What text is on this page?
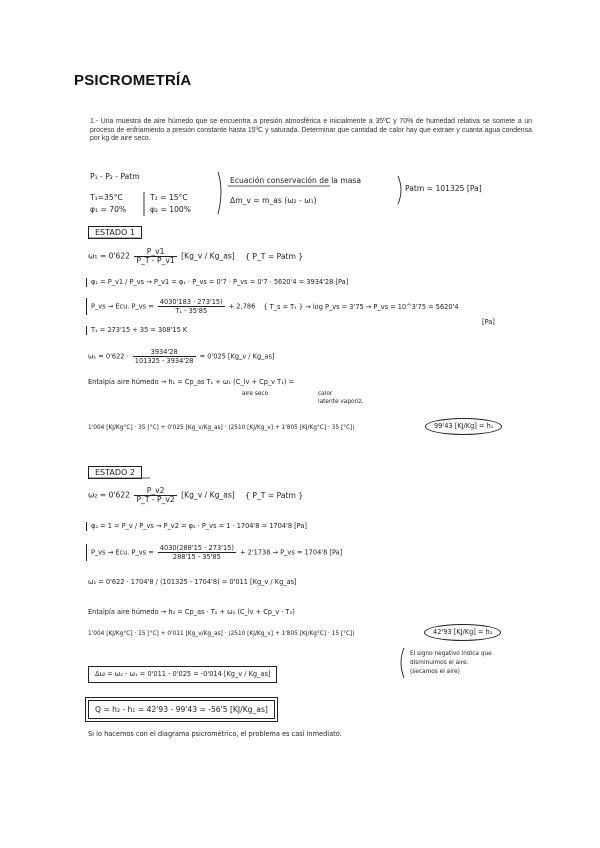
PSICROMETRÍA

1.- Una muestra de aire húmedo que se encuentra a presión atmosférica e inicialmente a 35ºC y 70% de humedad relativa se somete a un proceso de enfriamiento a presión constante hasta 15ºC y saturada. Determinar que cantidad de calor hay que extraer y cuanta agua condensa por kg de aire seco.

P₁ - P₂ - Patm
T₁=35°C
φ₁ = 70%
T₂ = 15°C
φ₂ = 100%
Ecuación conservación de la masa
Δm_v = m_as (ω₂ - ω₁)
Patm = 101325 [Pa]
ESTADO 1
$\omega_1 = 0'622 \frac{P\_v1}{P\_T - P\_v1}$ [Kg_v / Kg_as] { P_T = Patm }
φ₁ = P_v1 / P_vs → P_v1 = φ₁ · P_vs = 0'7 · P_vs = 0'7 · 5620'4 = 3934'28 [Pa]
P_vs → Ecu. P_vs = $\frac{4030'183 \cdot 273'15)}{\text{T₁ - 35'85}} + 2,786$ { T_s = T₁ } → log P_vs = 3'75 → P_vs = 10^3'75 = 5620'4
[Pa]
T₁ = 273'15 + 35 = 308'15 K
$\omega_1 = 0'622 \cdot \frac{3934'28}{101325 - 3934'28} = 0'025$ [Kg_v / Kg_as]
Entalpía aire húmedo → h₁ = Cp_as T₁ + ω₁ (C_lv + Cp_v T₁) =
aire seco	calor
latente vaporiz.
1'004 [KJ/Kg°C] · 35 [°C] + 0'025 [Kg_v/Kg_as] · (2510 [KJ/Kg_v] + 1'805 [KJ/Kg°C] · 35 [°C])	99'43 [KJ/Kg] = h₁
ESTADO 2
$\omega_2 = 0'622 \frac{P\_v2}{P\_T - P\_v2}$ [Kg_v / Kg_as] { P_T = Patm }
φ₂ = 1 = P_v / P_vs → P_v2 = φ₂ · P_vs = 1 · 1704'8 = 1704'8 [Pa]
P_vs → Ecu. P_vs = $\frac{4030(288'15 - 273'15)}{288'15 - 35'85} + 2'1738$ → P_vs = 1704'8 [Pa]
ω₂ = 0'622 · 1704'8 / (101325 - 1704'8) = 0'011 [Kg_v / Kg_as]
Entalpía aire húmedo → h₂ = Cp_as · T₂ + ω₂ (C_lv + Cp_v · T₂)
1'004 [KJ/Kg°C] · 15 [°C] + 0'011 [Kg_v/Kg_as] · (2510 [KJ/Kg_v] + 1'805 [KJ/Kg°C] · 15 [°C])	42'93 [KJ/Kg] = h₂
Δω = ω₂ - ω₁ = 0'011 - 0'025 = -0'014 [Kg_v / Kg_as]
El signo negativo indica que
disminuimos el aire.
(secamos el aire)
Q = h₂ - h₁ = 42'93 - 99'43 = -56'5 [KJ/Kg_as]
Si lo hacemos con el diagrama psicrométrico, el problema es casi inmediato.
